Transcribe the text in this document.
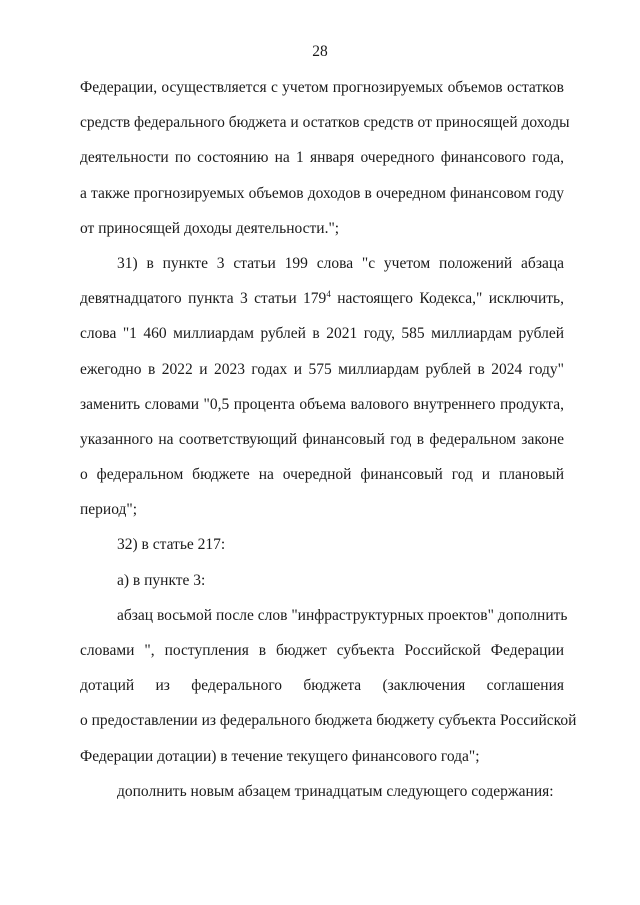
28

Федерации, осуществляется с учетом прогнозируемых объемов остатков

средств федерального бюджета и остатков средств от приносящей доходы

деятельности по состоянию на 1 января очередного финансового года,

а также прогнозируемых объемов доходов в очередном финансовом году

от приносящей доходы деятельности.";

31) в пункте 3 статьи 199 слова "с учетом положений абзаца

девятнадцатого пункта 3 статьи $179^4$ настоящего Кодекса," исключить,

слова "1 460 миллиардам рублей в 2021 году, 585 миллиардам рублей

ежегодно в 2022 и 2023 годах и 575 миллиардам рублей в 2024 году"

заменить словами "0,5 процента объема валового внутреннего продукта,

указанного на соответствующий финансовый год в федеральном законе

о федеральном бюджете на очередной финансовый год и плановый

период";

32) в статье 217:

а) в пункте 3:

абзац восьмой после слов "инфраструктурных проектов" дополнить

словами ", поступления в бюджет субъекта Российской Федерации

дотаций из федерального бюджета (заключения соглашения

о предоставлении из федерального бюджета бюджету субъекта Российской

Федерации дотации) в течение текущего финансового года";

дополнить новым абзацем тринадцатым следующего содержания:
